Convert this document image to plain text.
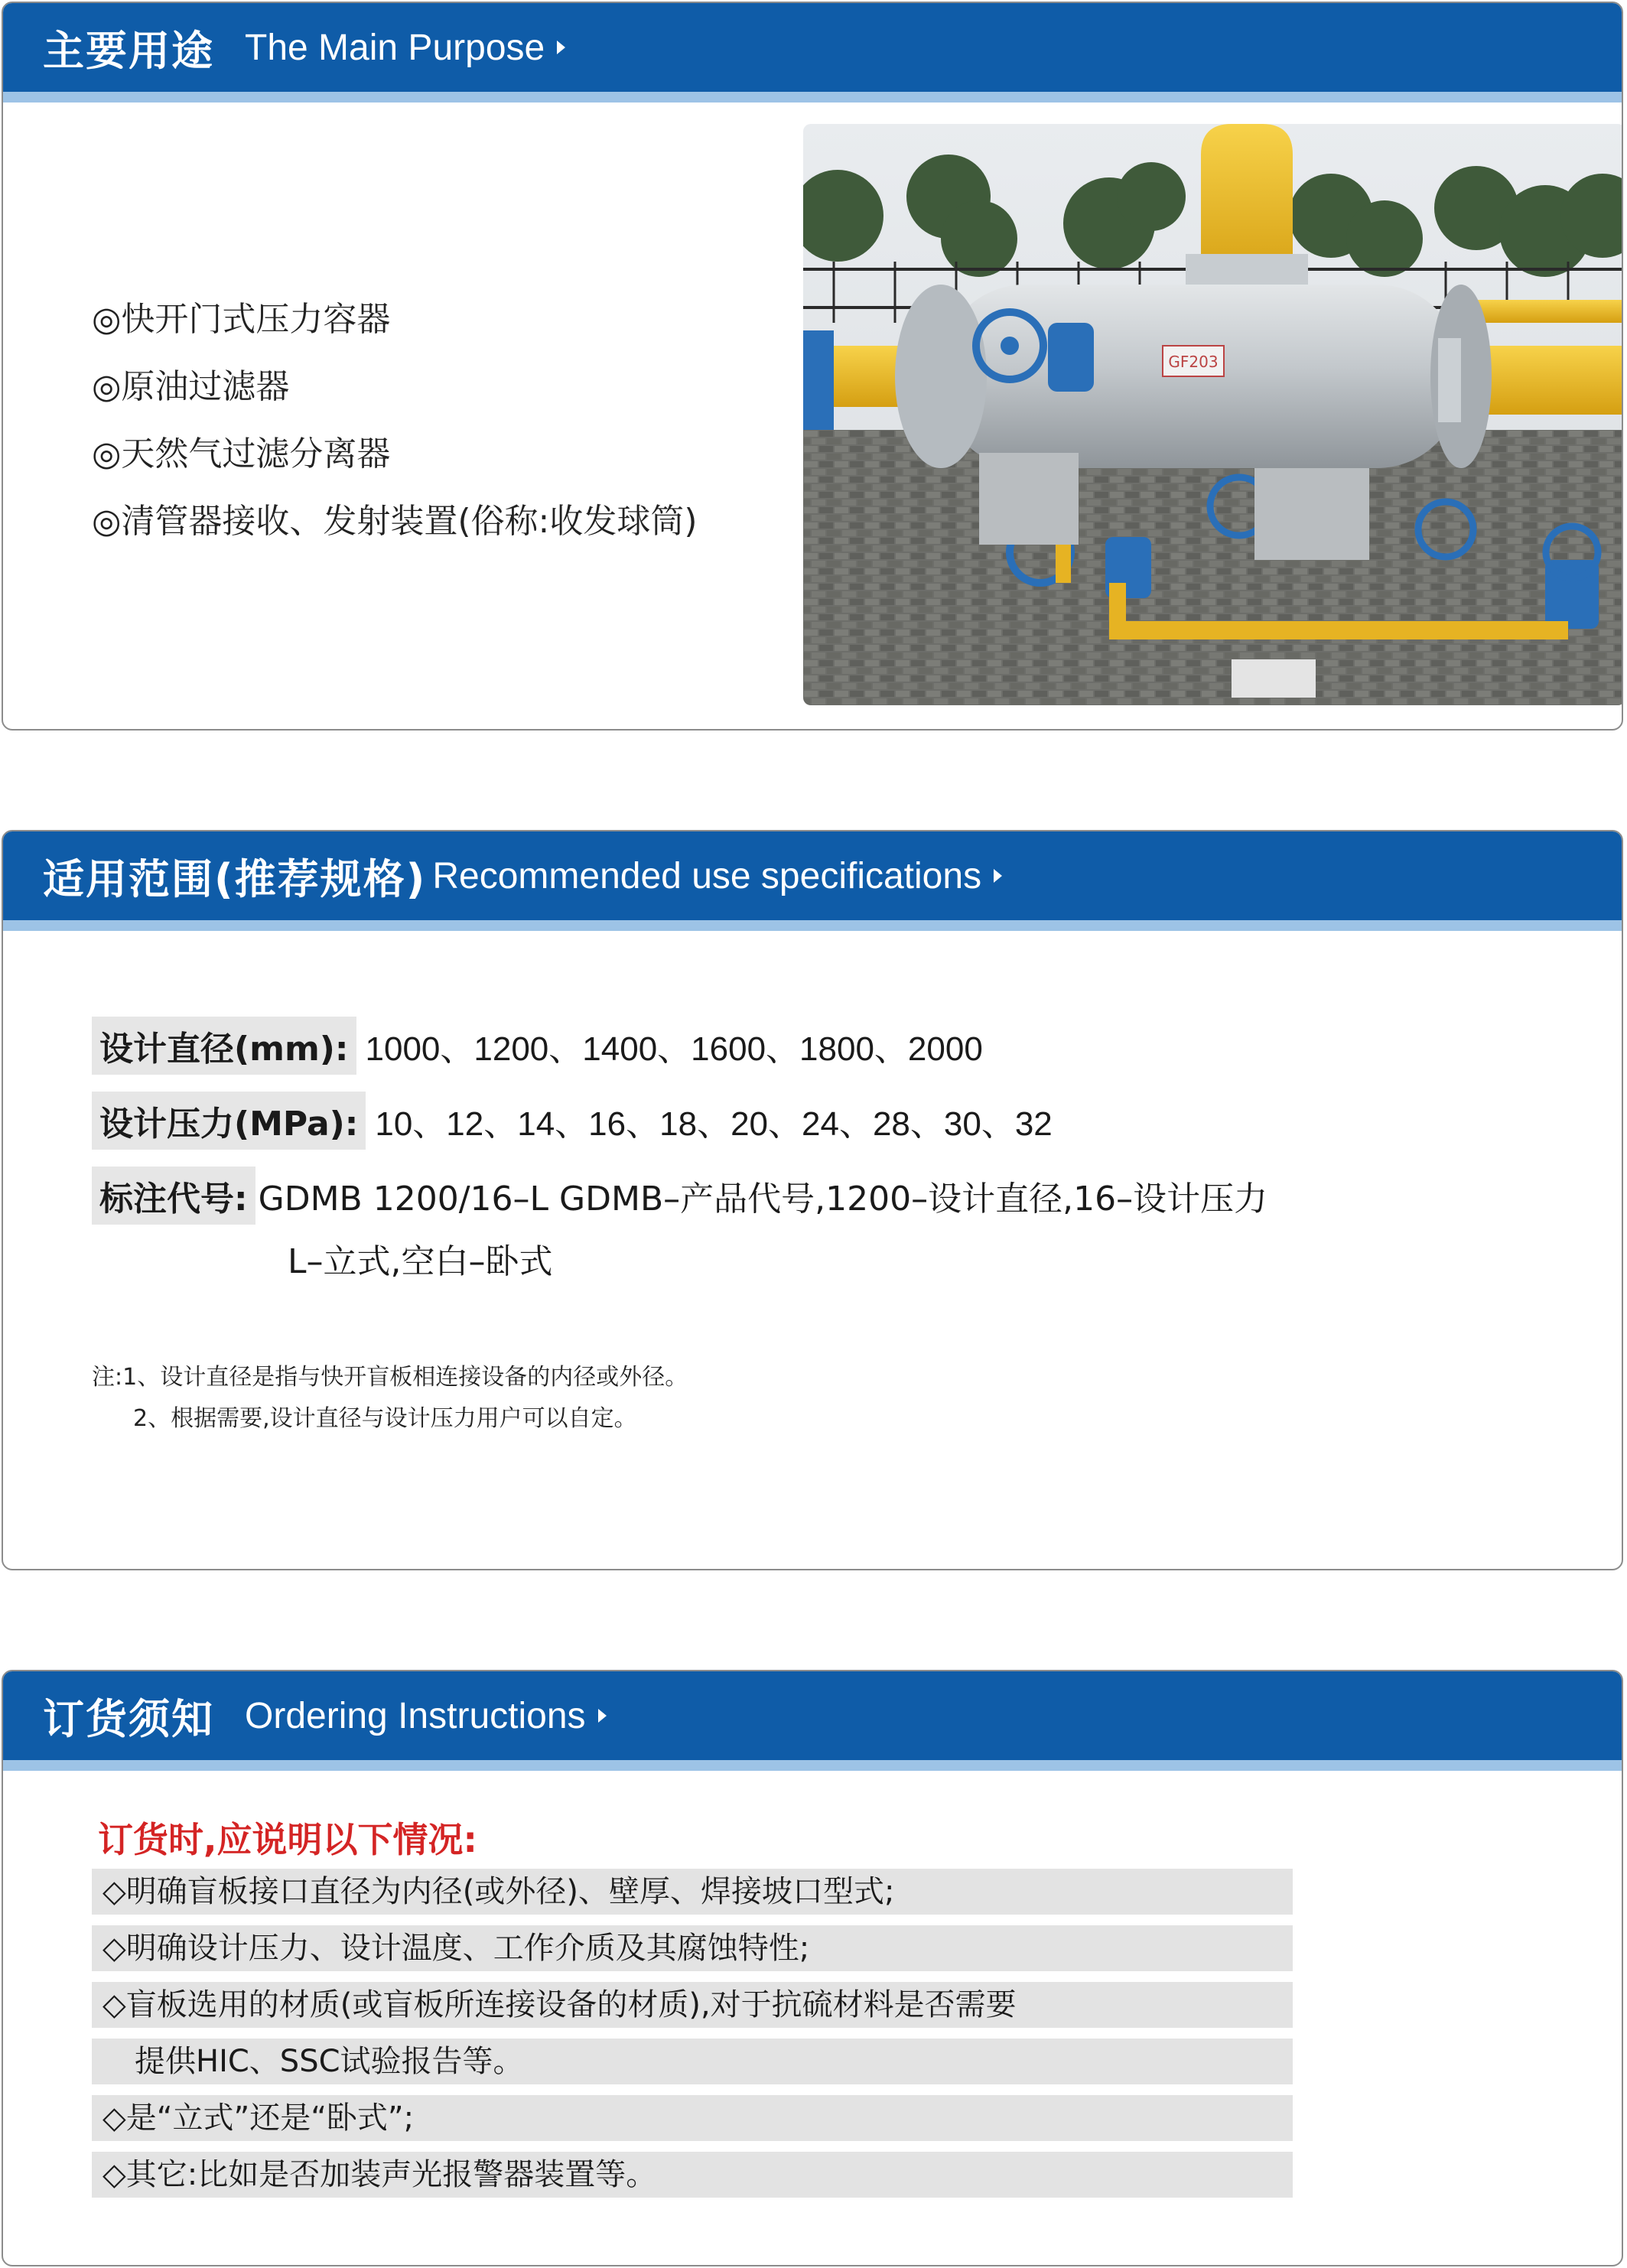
主要用途 The Main Purpose
◎快开门式压力容器
◎原油过滤器
◎天然气过滤分离器
◎清管器接收、发射装置(俗称:收发球筒)
GF203
适用范围(推荐规格) Recommended use specifications
设计直径(mm): 1000、1200、1400、1600、1800、2000
设计压力(MPa): 10、12、14、16、18、20、24、28、30、32
标注代号: GDMB 1200/16–L GDMB–产品代号,1200–设计直径,16–设计压力
L–立式,空白–卧式
注:1、设计直径是指与快开盲板相连接设备的内径或外径。
2、根据需要,设计直径与设计压力用户可以自定。
订货须知 Ordering Instructions
订货时,应说明以下情况:
◇明确盲板接口直径为内径(或外径)、壁厚、焊接坡口型式;
◇明确设计压力、设计温度、工作介质及其腐蚀特性;
◇盲板选用的材质(或盲板所连接设备的材质),对于抗硫材料是否需要
提供HIC、SSC试验报告等。
◇是“立式”还是“卧式”;
◇其它:比如是否加装声光报警器装置等。
